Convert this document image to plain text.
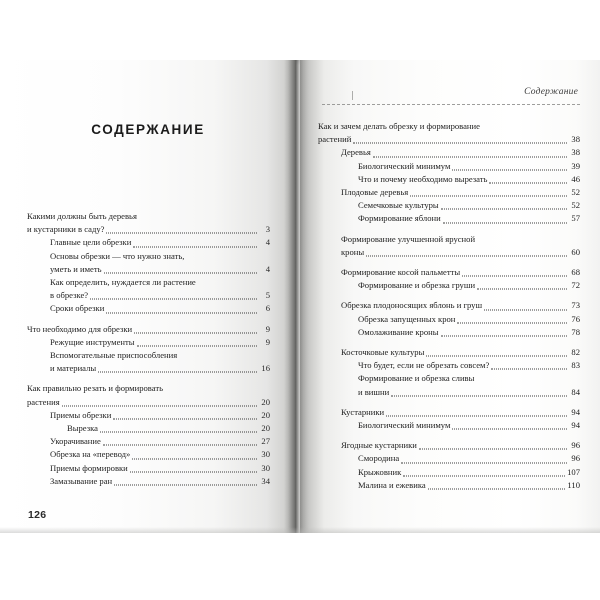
СОДЕРЖАНИЕ
Какими должны быть деревья
и кустарники в саду?	3
Главные цели обрезки	4
Основы обрезки — что нужно знать,
уметь и иметь	4
Как определить, нуждается ли растение
в обрезке?	5
Сроки обрезки	6
Что необходимо для обрезки	9
Режущие инструменты	9
Вспомогательные приспособления
и материалы	16
Как правильно резать и формировать
растения	20
Приемы обрезки	20
Вырезка	20
Укорачивание	27
Обрезка на «перевод»	30
Приемы формировки	30
Замазывание ран	34
126
Содержание
Как и зачем делать обрезку и формирование
растений	38
Деревья	38
Биологический минимум	39
Что и почему необходимо вырезать	46
Плодовые деревья	52
Семечковые культуры	52
Формирование яблони	57
Формирование улучшенной ярусной
кроны	60
Формирование косой пальметты	68
Формирование и обрезка груши	72
Обрезка плодоносящих яблонь и груш	73
Обрезка запущенных крон	76
Омолаживание кроны	78
Косточковые культуры	82
Что будет, если не обрезать совсем?	83
Формирование и обрезка сливы
и вишни	84
Кустарники	94
Биологический минимум	94
Ягодные кустарники	96
Смородина	96
Крыжовник	107
Малина и ежевика	110
